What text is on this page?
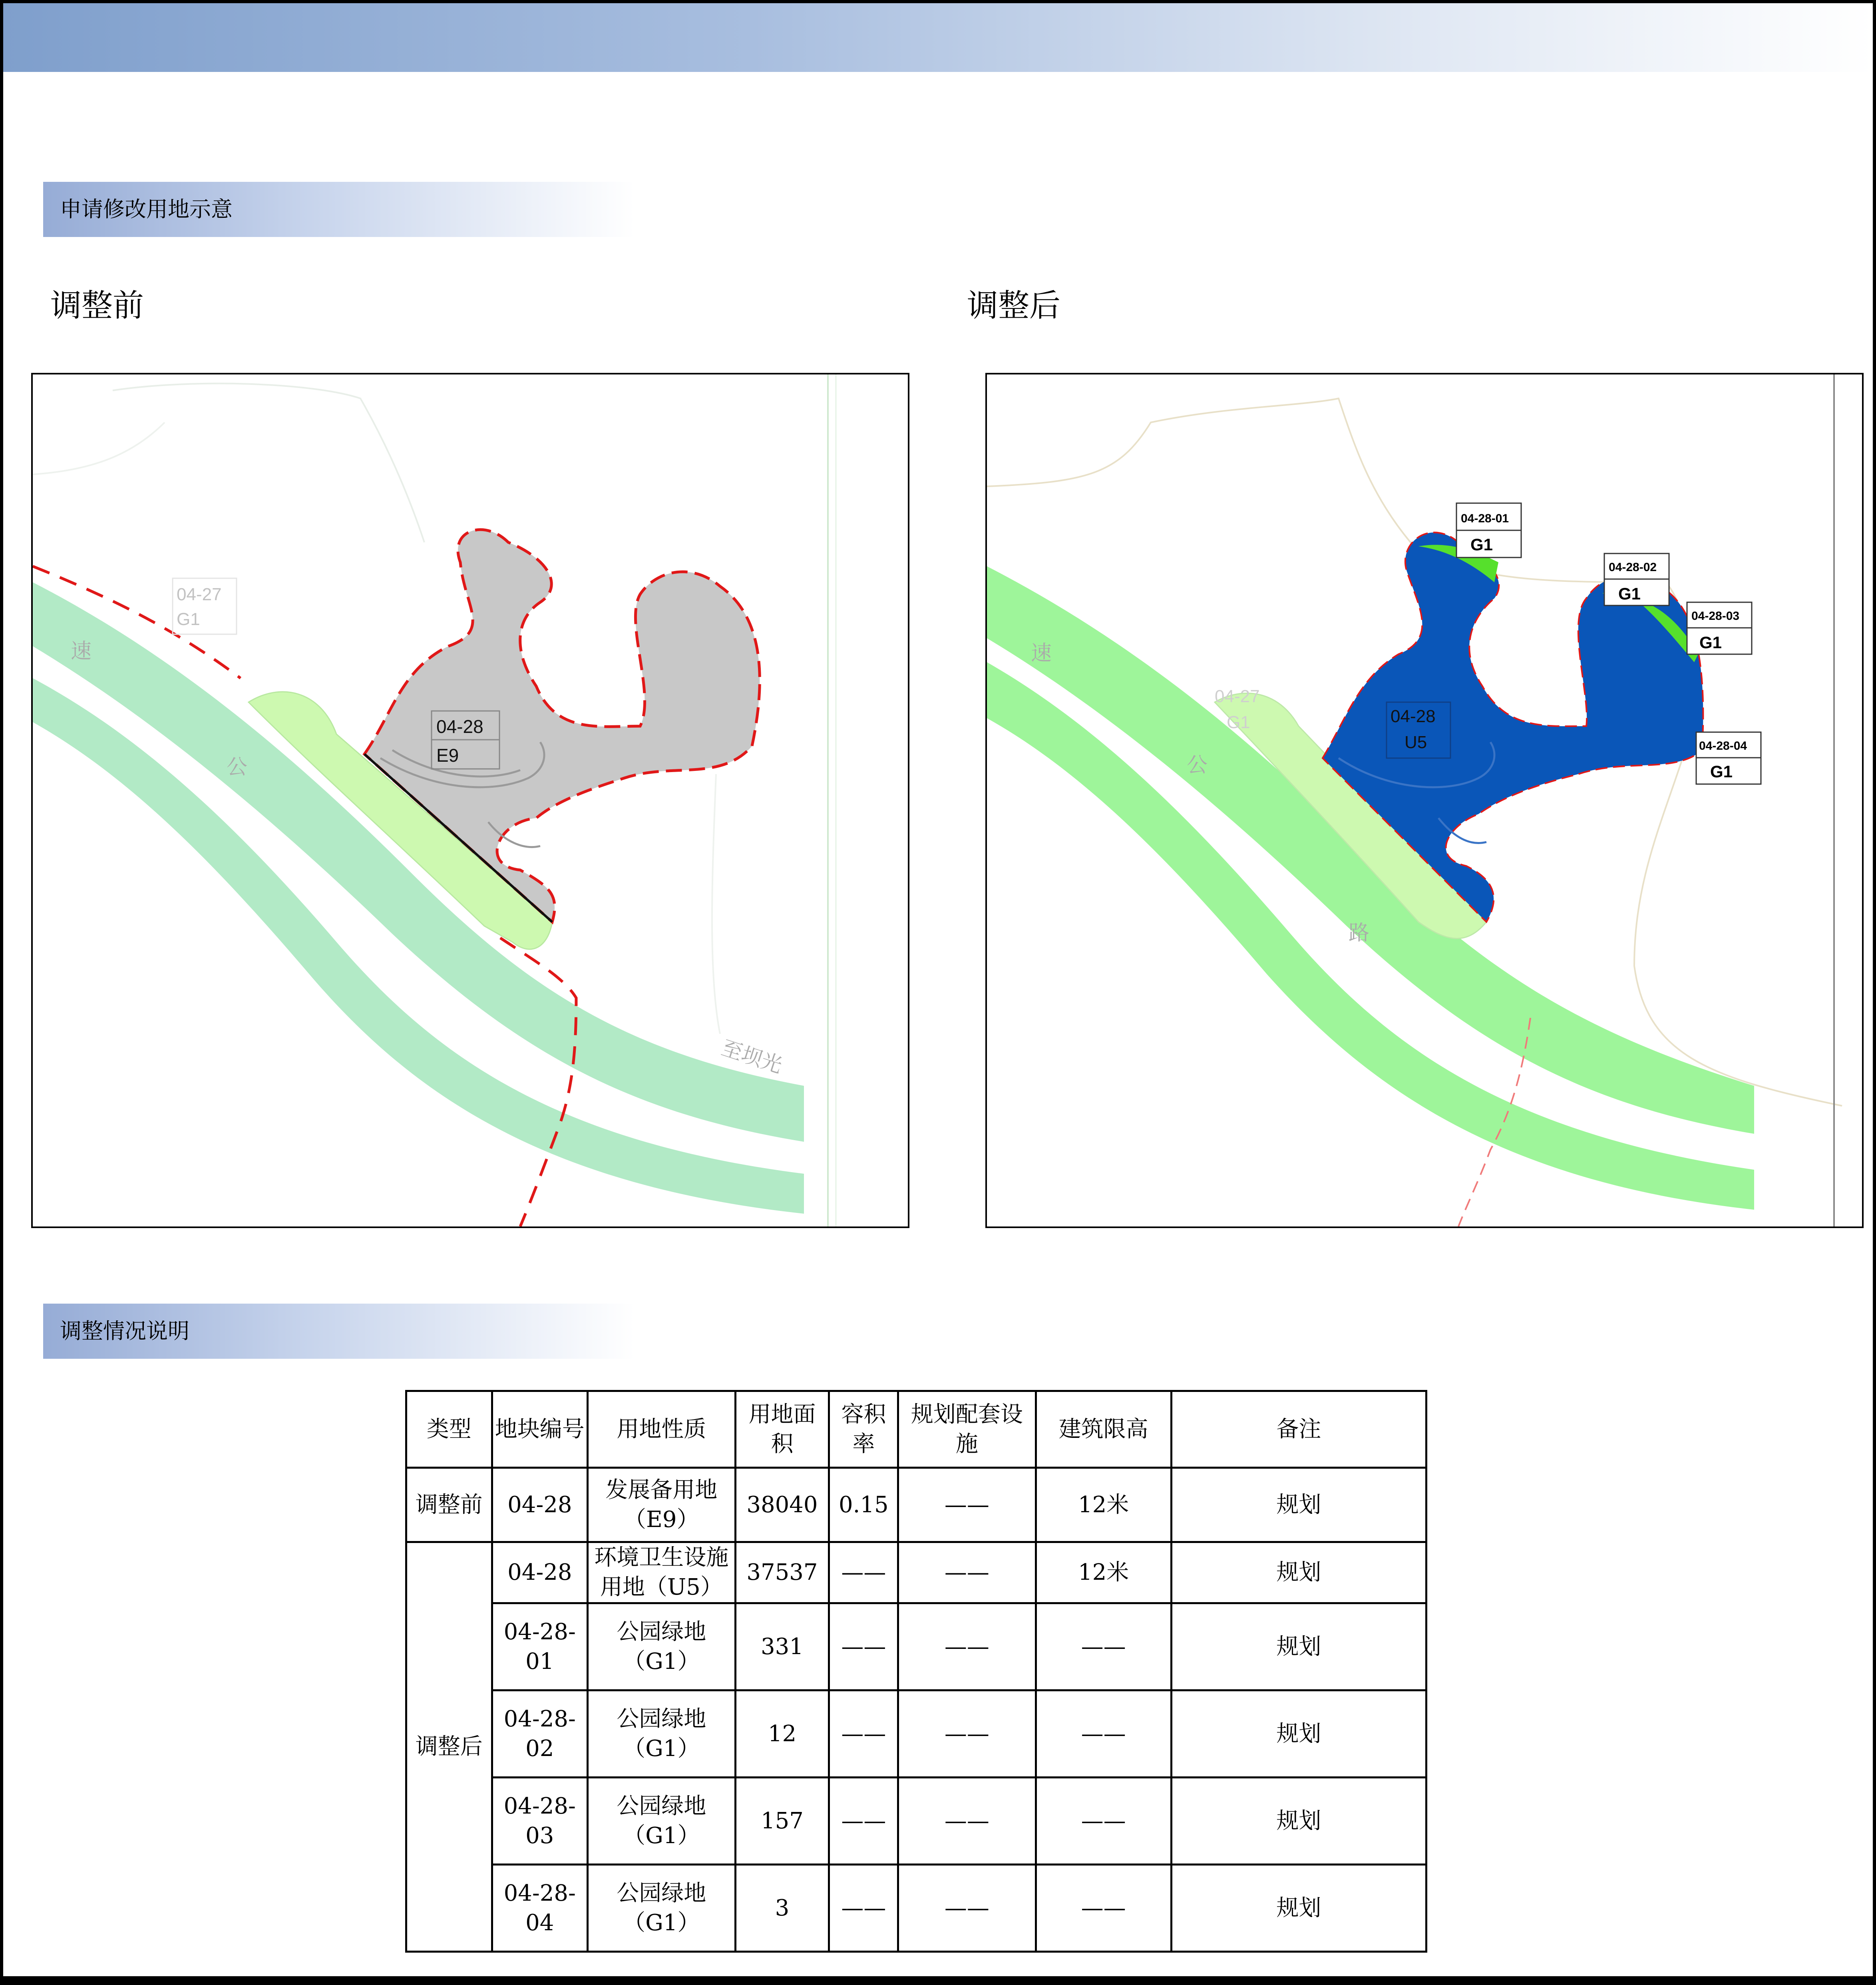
申请修改用地示意
调整前	调整后
04-27
G1
04-28
E9
速
公
至坝光
04-27
G1	04-28
U5
04-28-01
G1
04-28-02
G1
04-28-03
G1
04-28-04
G1
速
公
路
调整情况说明
类型	地块编号	用地性质	用地面积	容积率	规划配套设施	建筑限高	备注
调整前	04-28	发展备用地（E9）	38040	0.15	——	12米	规划
调整后	04-28	环境卫生设施用地（U5）	37537	——	——	12米	规划
	04-28-01	公园绿地（G1）	331	——	——	——	规划
	04-28-02	公园绿地（G1）	12	——	——	——	规划
	04-28-03	公园绿地（G1）	157	——	——	——	规划
	04-28-04	公园绿地（G1）	3	——	——	——	规划
